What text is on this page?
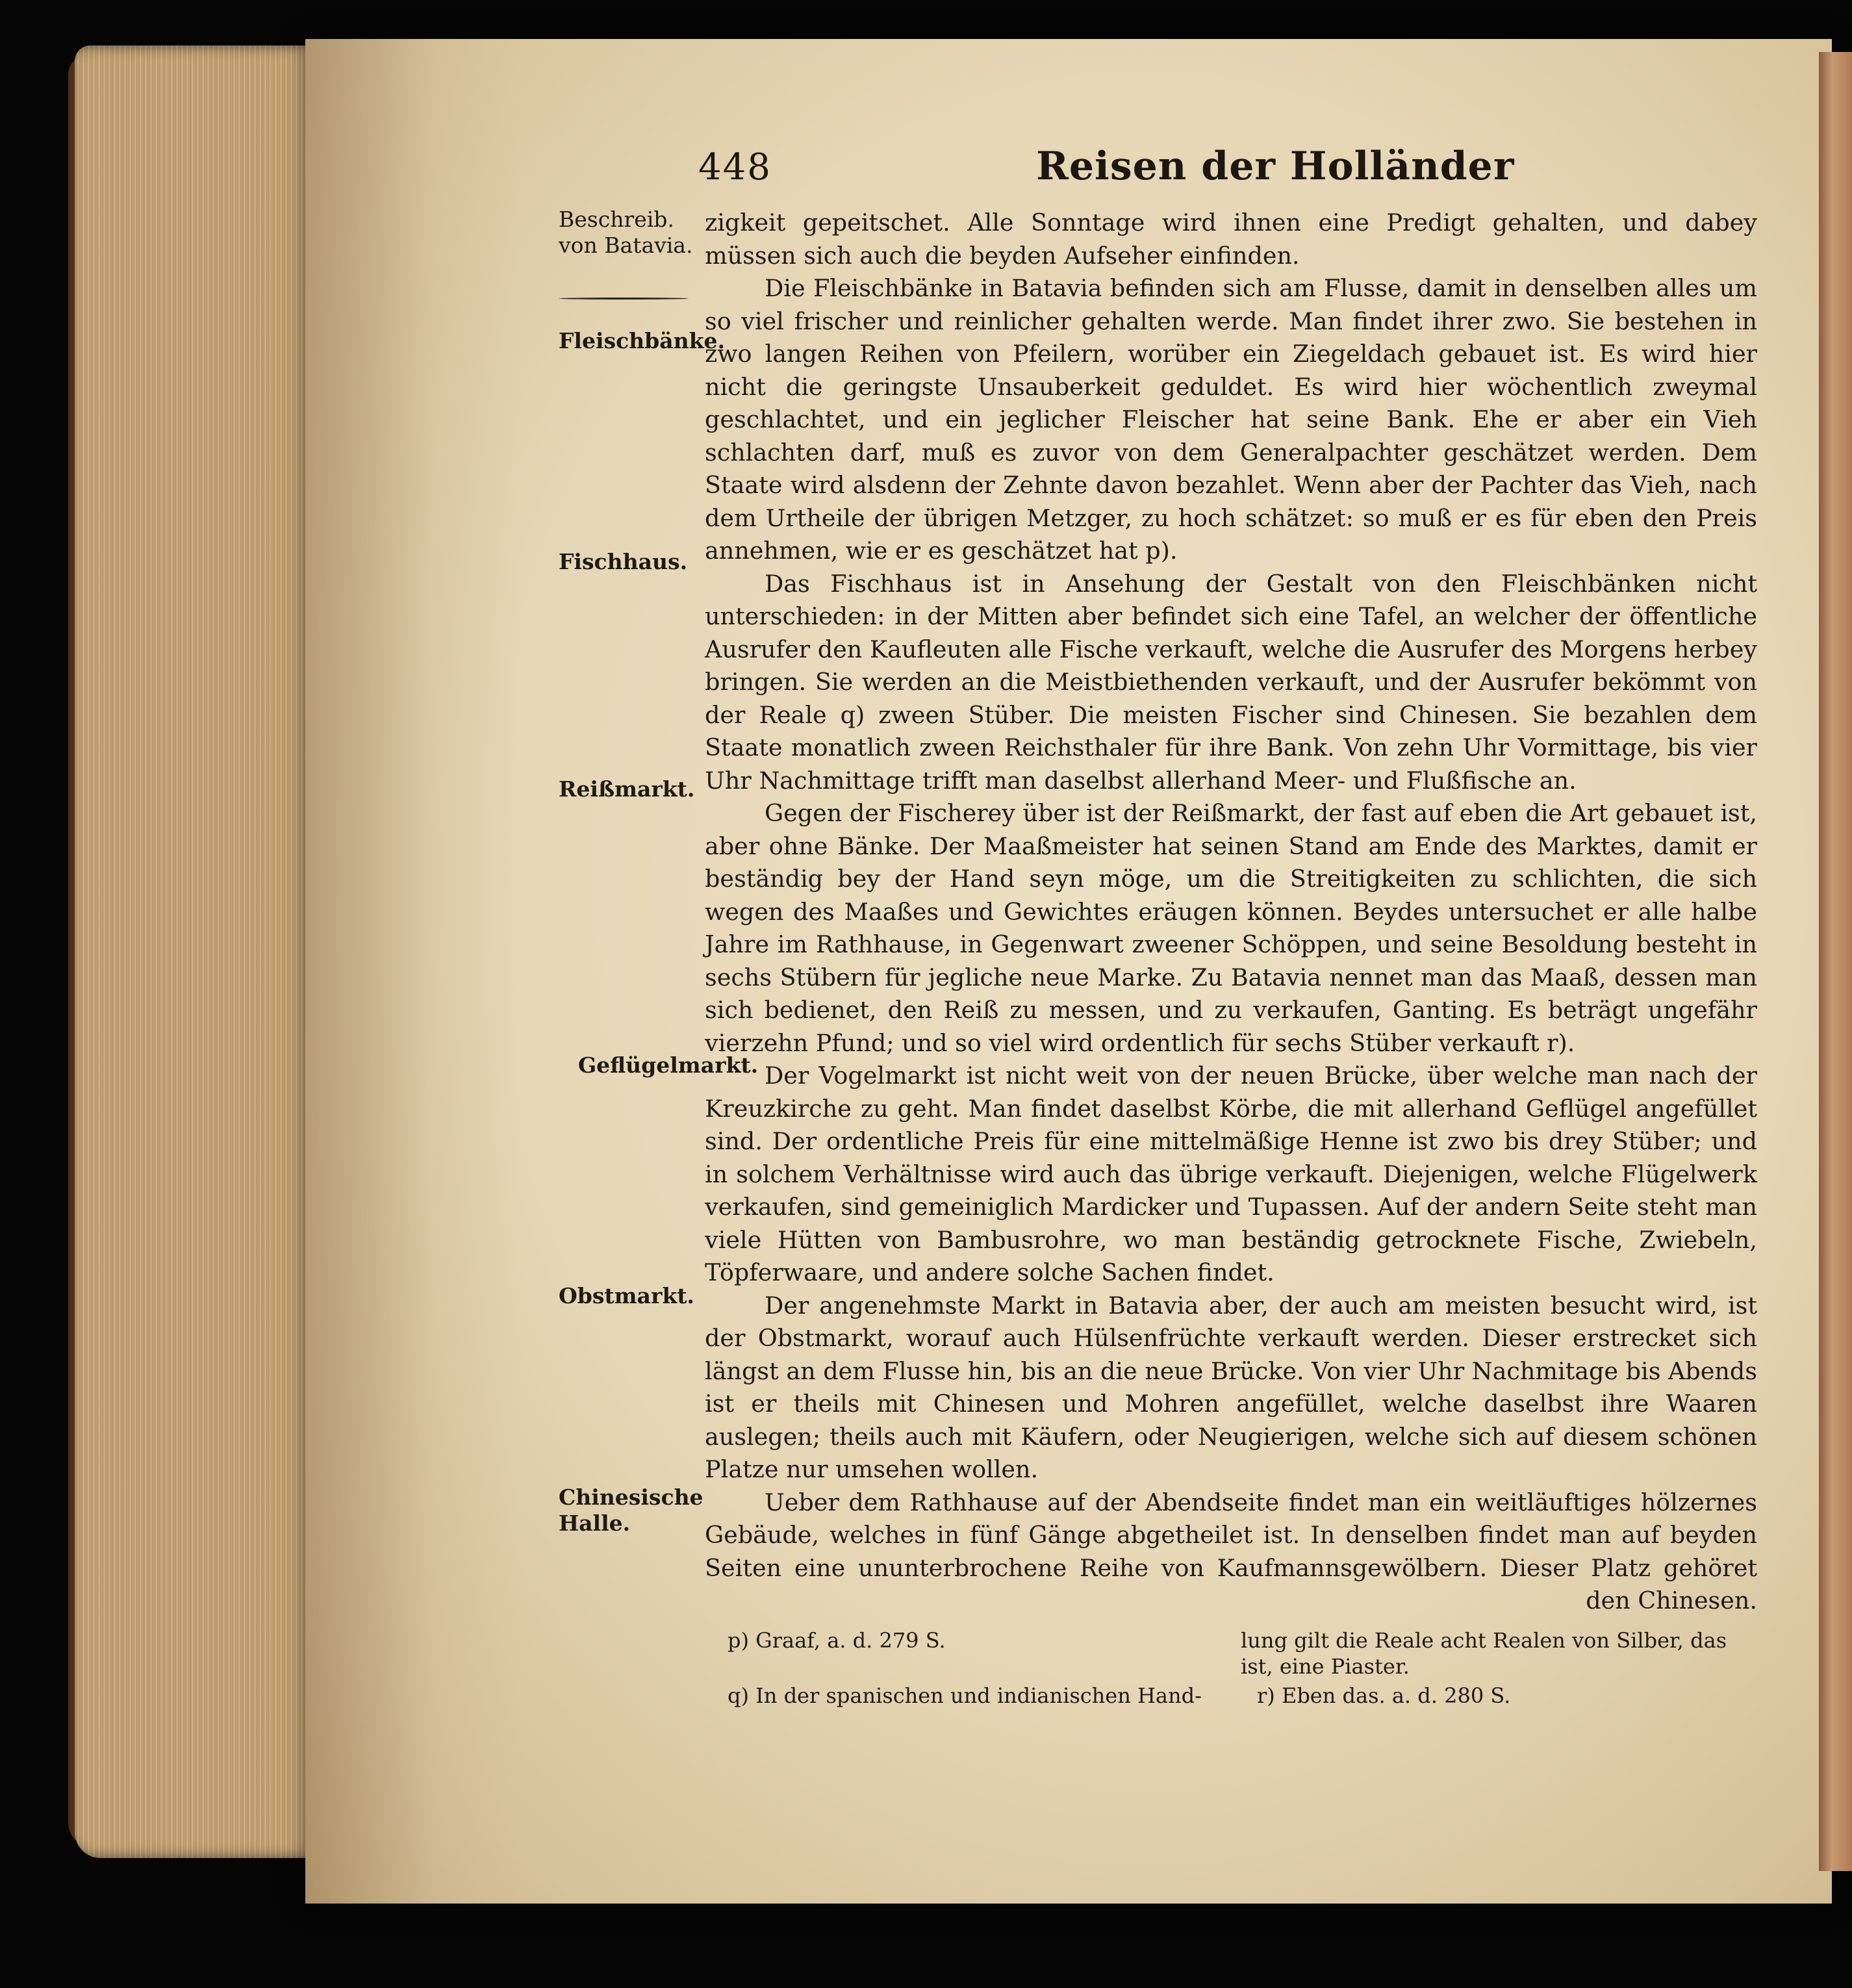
448	Reisen der Holländer
Beschreib. von Batavia.
Fleischbänke.
Fischhaus.
Reißmarkt.
Geflügelmarkt.
Obstmarkt.
Chinesische Halle.

zigkeit gepeitschet. Alle Sonntage wird ihnen eine Predigt gehalten, und dabey müssen sich auch die beyden Aufseher einfinden.

Die Fleischbänke in Batavia befinden sich am Flusse, damit in denselben alles um so viel frischer und reinlicher gehalten werde. Man findet ihrer zwo. Sie bestehen in zwo langen Reihen von Pfeilern, worüber ein Ziegeldach gebauet ist. Es wird hier nicht die geringste Unsauberkeit geduldet. Es wird hier wöchentlich zweymal geschlachtet, und ein jeglicher Fleischer hat seine Bank. Ehe er aber ein Vieh schlachten darf, muß es zuvor von dem Generalpachter geschätzet werden. Dem Staate wird alsdenn der Zehnte davon bezahlet. Wenn aber der Pachter das Vieh, nach dem Urtheile der übrigen Metzger, zu hoch schätzet: so muß er es für eben den Preis annehmen, wie er es geschätzet hat p).

Das Fischhaus ist in Ansehung der Gestalt von den Fleischbänken nicht unterschieden: in der Mitten aber befindet sich eine Tafel, an welcher der öffentliche Ausrufer den Kaufleuten alle Fische verkauft, welche die Ausrufer des Morgens herbey bringen. Sie werden an die Meistbiethenden verkauft, und der Ausrufer bekömmt von der Reale q) zween Stüber. Die meisten Fischer sind Chinesen. Sie bezahlen dem Staate monatlich zween Reichsthaler für ihre Bank. Von zehn Uhr Vormittage, bis vier Uhr Nachmittage trifft man daselbst allerhand Meer- und Flußfische an.

Gegen der Fischerey über ist der Reißmarkt, der fast auf eben die Art gebauet ist, aber ohne Bänke. Der Maaßmeister hat seinen Stand am Ende des Marktes, damit er beständig bey der Hand seyn möge, um die Streitigkeiten zu schlichten, die sich wegen des Maaßes und Gewichtes eräugen können. Beydes untersuchet er alle halbe Jahre im Rathhause, in Gegenwart zweener Schöppen, und seine Besoldung besteht in sechs Stübern für jegliche neue Marke. Zu Batavia nennet man das Maaß, dessen man sich bedienet, den Reiß zu messen, und zu verkaufen, Ganting. Es beträgt ungefähr vierzehn Pfund; und so viel wird ordentlich für sechs Stüber verkauft r).

Der Vogelmarkt ist nicht weit von der neuen Brücke, über welche man nach der Kreuzkirche zu geht. Man findet daselbst Körbe, die mit allerhand Geflügel angefüllet sind. Der ordentliche Preis für eine mittelmäßige Henne ist zwo bis drey Stüber; und in solchem Verhältnisse wird auch das übrige verkauft. Diejenigen, welche Flügelwerk verkaufen, sind gemeiniglich Mardicker und Tupassen. Auf der andern Seite steht man viele Hütten von Bambusrohre, wo man beständig getrocknete Fische, Zwiebeln, Töpferwaare, und andere solche Sachen findet.

Der angenehmste Markt in Batavia aber, der auch am meisten besucht wird, ist der Obstmarkt, worauf auch Hülsenfrüchte verkauft werden. Dieser erstrecket sich längst an dem Flusse hin, bis an die neue Brücke. Von vier Uhr Nachmitage bis Abends ist er theils mit Chinesen und Mohren angefüllet, welche daselbst ihre Waaren auslegen; theils auch mit Käufern, oder Neugierigen, welche sich auf diesem schönen Platze nur umsehen wollen.

Ueber dem Rathhause auf der Abendseite findet man ein weitläuftiges hölzernes Gebäude, welches in fünf Gänge abgetheilet ist. In denselben findet man auf beyden Seiten eine ununterbrochene Reihe von Kaufmannsgewölbern. Dieser Platz gehöret den Chinesen.

p) Graaf, a. d. 279 S.
q) In der spanischen und indianischen Hand-
lung gilt die Reale acht Realen von Silber, das ist, eine Piaster.
r) Eben das. a. d. 280 S.
